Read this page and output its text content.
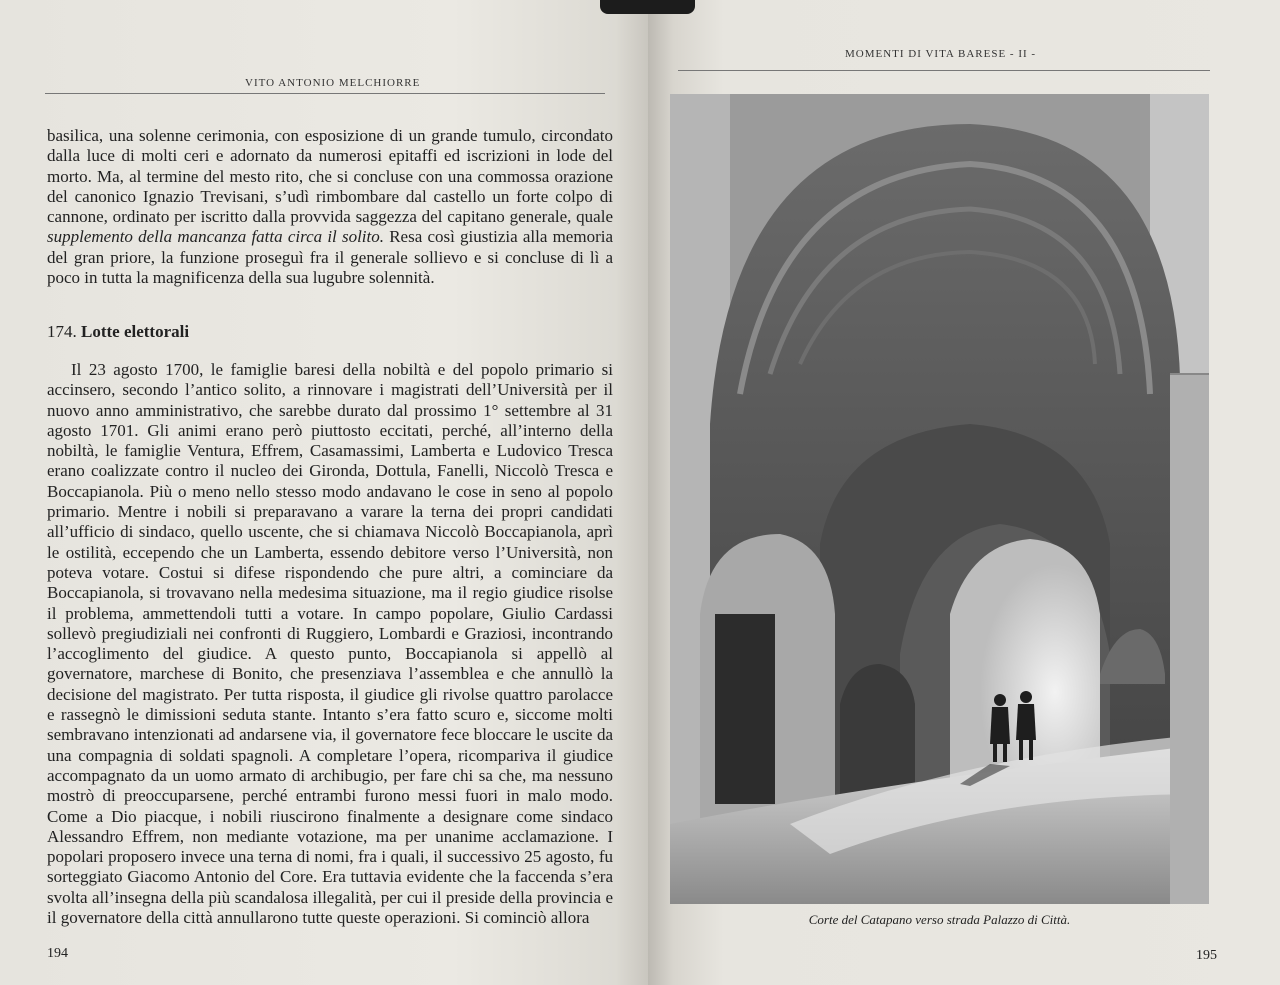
VITO ANTONIO MELCHIORRE

basilica, una solenne cerimonia, con esposizione di un grande tumulo, circondato dalla luce di molti ceri e adornato da numerosi epitaffi ed iscrizioni in lode del morto. Ma, al termine del mesto rito, che si concluse con una commossa orazione del canonico Ignazio Trevisani, s’udì rimbombare dal castello un forte colpo di cannone, ordinato per iscritto dalla provvida saggezza del capitano generale, quale supplemento della mancanza fatta circa il solito. Resa così giustizia alla memoria del gran priore, la funzione proseguì fra il generale sollievo e si concluse di lì a poco in tutta la magnificenza della sua lugubre solennità.

174. Lotte elettorali

Il 23 agosto 1700, le famiglie baresi della nobiltà e del popolo primario si accinsero, secondo l’antico solito, a rinnovare i magistrati dell’Università per il nuovo anno amministrativo, che sarebbe durato dal prossimo 1° settembre al 31 agosto 1701. Gli animi erano però piuttosto eccitati, perché, all’interno della nobiltà, le famiglie Ventura, Effrem, Casamassimi, Lamberta e Ludovico Tresca erano coalizzate contro il nucleo dei Gironda, Dottula, Fanelli, Niccolò Tresca e Boccapianola. Più o meno nello stesso modo andavano le cose in seno al popolo primario. Mentre i nobili si preparavano a varare la terna dei propri candidati all’ufficio di sindaco, quello uscente, che si chiamava Niccolò Boccapianola, aprì le ostilità, eccependo che un Lamberta, essendo debitore verso l’Università, non poteva votare. Costui si difese rispondendo che pure altri, a cominciare da Boccapianola, si trovavano nella medesima situazione, ma il regio giudice risolse il problema, ammettendoli tutti a votare. In campo popolare, Giulio Cardassi sollevò pregiudiziali nei confronti di Ruggiero, Lombardi e Graziosi, incontrando l’accoglimento del giudice. A questo punto, Boccapianola si appellò al governatore, marchese di Bonito, che presenziava l’assemblea e che annullò la decisione del magistrato. Per tutta risposta, il giudice gli rivolse quattro parolacce e rassegnò le dimissioni seduta stante. Intanto s’era fatto scuro e, siccome molti sembravano intenzionati ad andarsene via, il governatore fece bloccare le uscite da una compagnia di soldati spagnoli. A completare l’opera, ricompariva il giudice accompagnato da un uomo armato di archibugio, per fare chi sa che, ma nessuno mostrò di preoccuparsene, perché entrambi furono messi fuori in malo modo. Come a Dio piacque, i nobili riuscirono finalmente a designare come sindaco Alessandro Effrem, non mediante votazione, ma per unanime acclamazione. I popolari proposero invece una terna di nomi, fra i quali, il successivo 25 agosto, fu sorteggiato Giacomo Antonio del Core. Era tuttavia evidente che la faccenda s’era svolta all’insegna della più scandalosa illegalità, per cui il preside della provincia e il governatore della città annullarono tutte queste operazioni. Si cominciò allora

194
MOMENTI DI VITA BARESE - II -
195
Corte del Catapano verso strada Palazzo di Città.
